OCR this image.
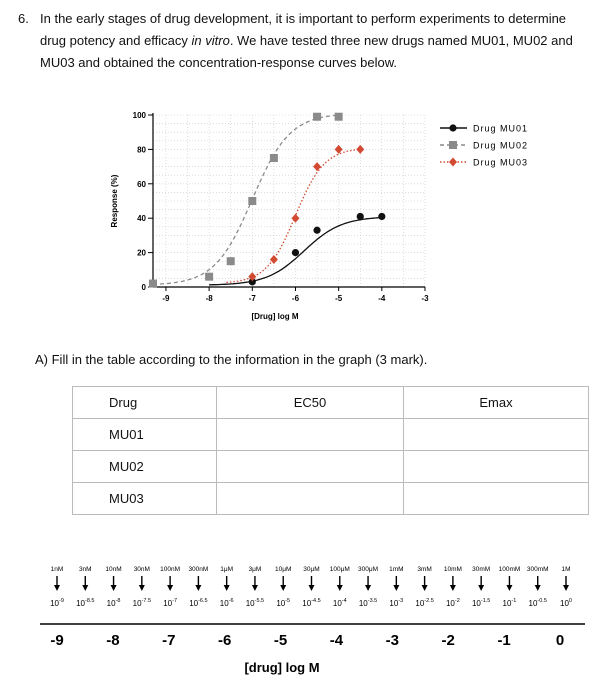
6. In the early stages of drug development, it is important to perform experiments to determine drug potency and efficacy in vitro. We have tested three new drugs named MU01, MU02 and MU03 and obtained the concentration-response curves below.
0
20
40
60
80
100
-9	-8	-7	-6	-5	-4	-3
[Drug] log M
Response (%)
Drug MU01
Drug MU02
Drug MU03
A) Fill in the table according to the information in the graph (3 mark).
Drug	EC50	Emax
MU01		
MU02		
MU03		
1nM
$10^{-9}$
3nM
$10^{-8.5}$
10nM
$10^{-8}$
30nM
$10^{-7.5}$
100nM
$10^{-7}$
300nM
$10^{-6.5}$
1μM
$10^{-6}$
3μM
$10^{-5.5}$
10μM
$10^{-5}$
30μM
$10^{-4.5}$
100μM
$10^{-4}$
300μM
$10^{-3.5}$
1mM
$10^{-3}$
3mM
$10^{-2.5}$
10mM
$10^{-2}$
30mM
$10^{-1.5}$
100mM
$10^{-1}$
300mM
$10^{-0.5}$
1M
$10^0$
-9	-8	-7	-6	-5	-4	-3	-2	-1	0
[drug] log M
